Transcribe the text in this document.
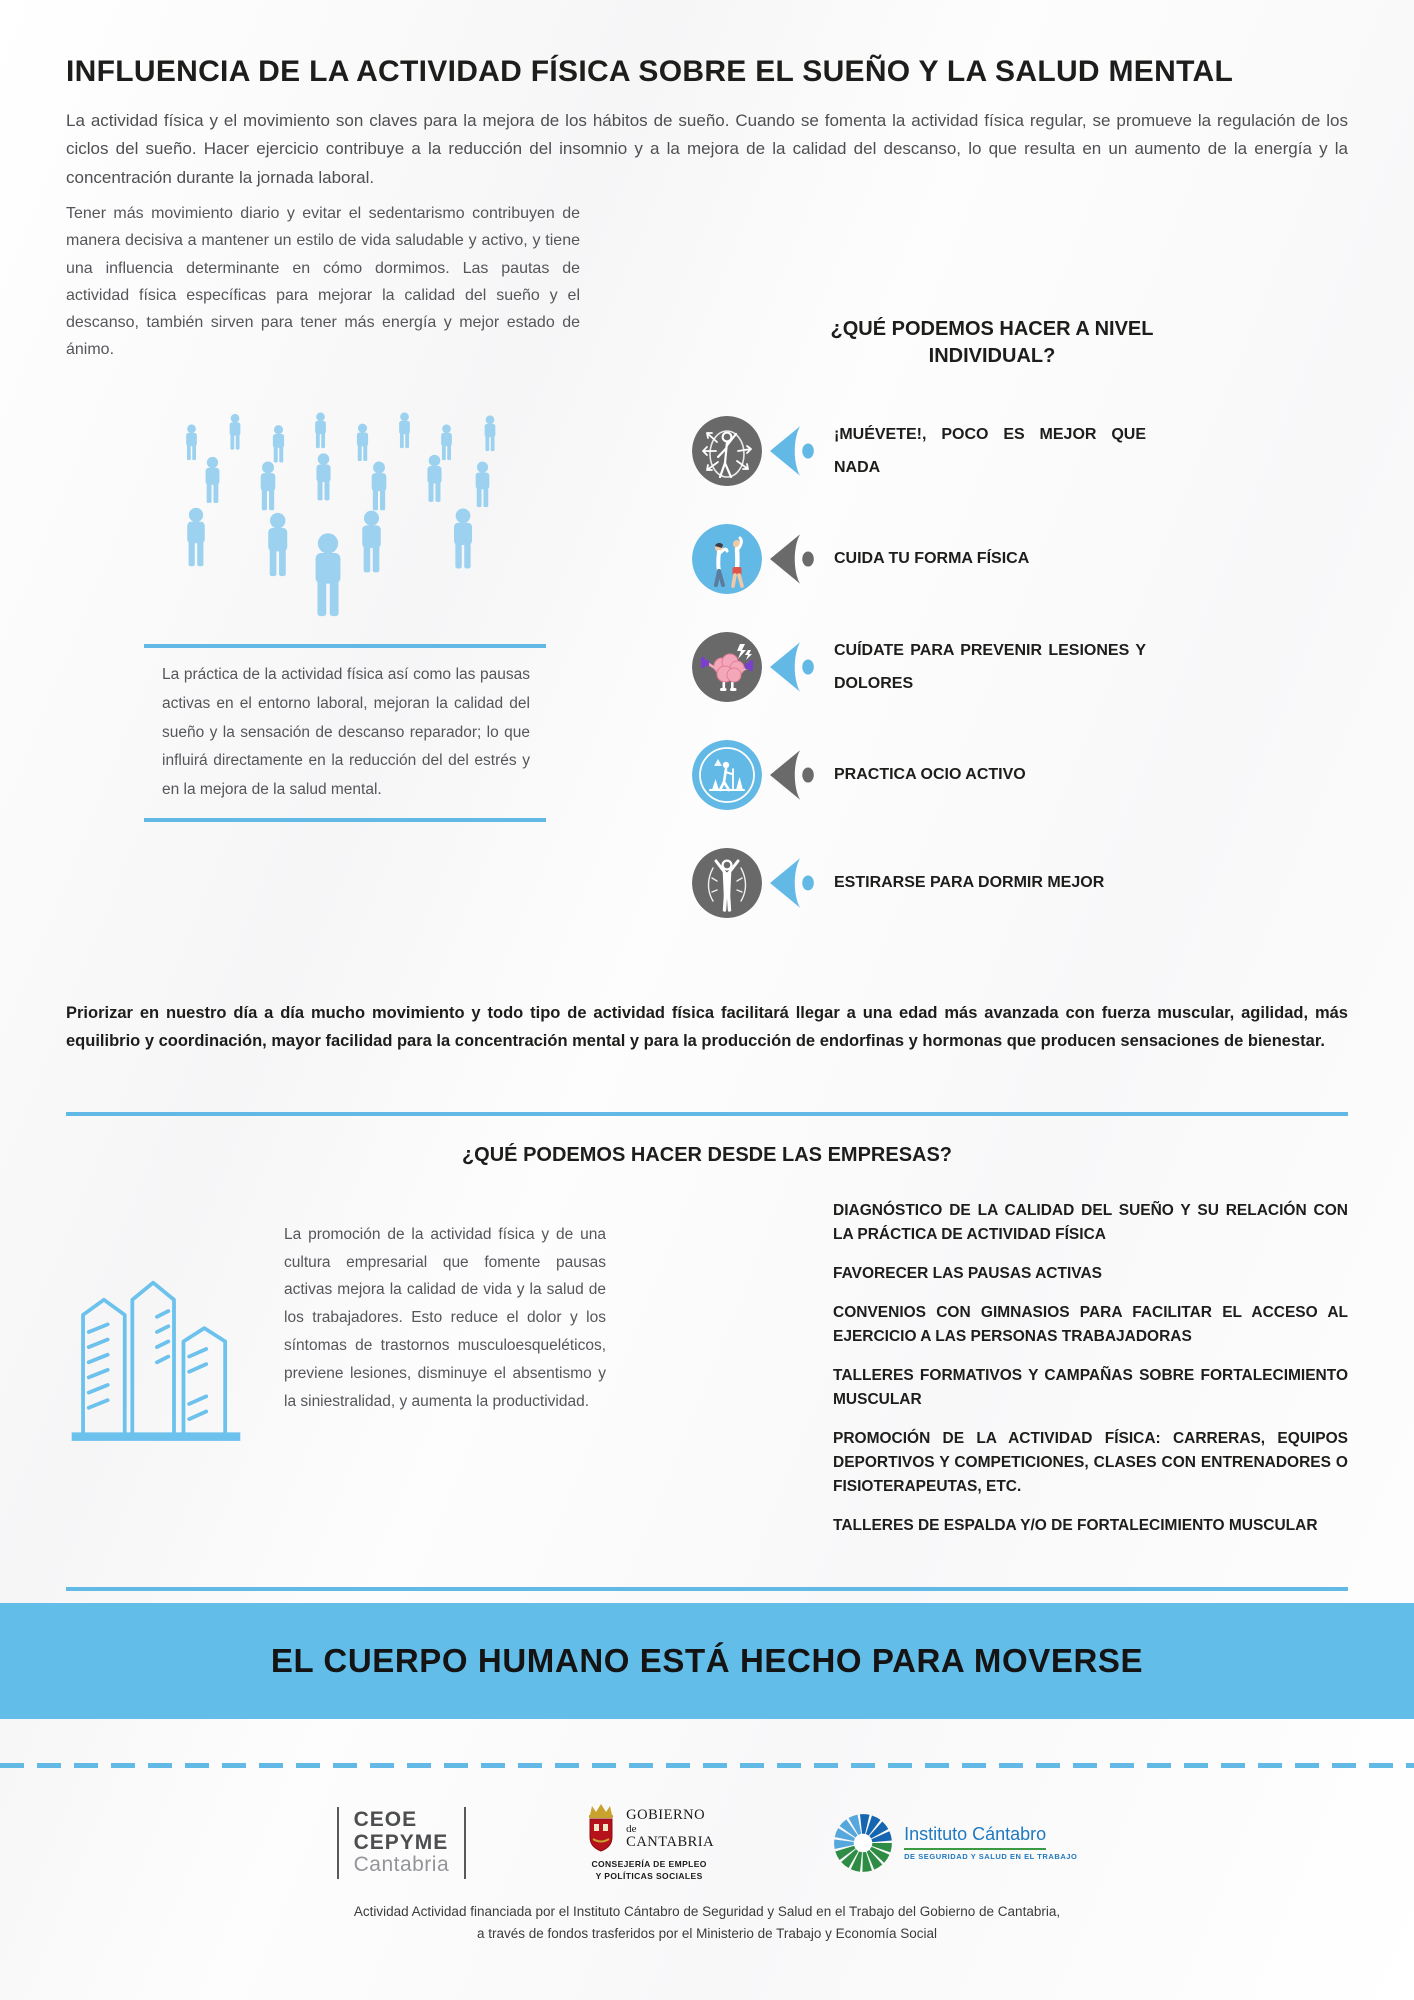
INFLUENCIA DE LA ACTIVIDAD FÍSICA SOBRE EL SUEÑO Y LA SALUD MENTAL

La actividad física y el movimiento son claves para la mejora de los hábitos de sueño. Cuando se fomenta la actividad física regular, se promueve la regulación de los ciclos del sueño. Hacer ejercicio contribuye a la reducción del insomnio y a la mejora de la calidad del descanso, lo que resulta en un aumento de la energía y la concentración durante la jornada laboral.

Tener más movimiento diario y evitar el sedentarismo contribuyen de manera decisiva a mantener un estilo de vida saludable y activo, y tiene una influencia determinante en cómo dormimos. Las pautas de actividad física específicas para mejorar la calidad del sueño y el descanso, también sirven para tener más energía y mejor estado de ánimo.

La práctica de la actividad física así como las pausas activas en el entorno laboral, mejoran la calidad del sueño y la sensación de descanso reparador; lo que influirá directamente en la reducción del del estrés y en la mejora de la salud mental.

¿QUÉ PODEMOS HACER A NIVEL INDIVIDUAL?

¡MUÉVETE!, POCO ES MEJOR QUE NADA

CUIDA TU FORMA FÍSICA

CUÍDATE PARA PREVENIR LESIONES Y DOLORES

PRACTICA OCIO ACTIVO

ESTIRARSE PARA DORMIR MEJOR

Priorizar en nuestro día a día mucho movimiento y todo tipo de actividad física facilitará llegar a una edad más avanzada con fuerza muscular, agilidad, más equilibrio y coordinación, mayor facilidad para la concentración mental y para la producción de endorfinas y hormonas que producen sensaciones de bienestar.

¿QUÉ PODEMOS HACER DESDE LAS EMPRESAS?

La promoción de la actividad física y de una cultura empresarial que fomente pausas activas mejora la calidad de vida y la salud de los trabajadores. Esto reduce el dolor y los síntomas de trastornos musculoesqueléticos, previene lesiones, disminuye el absentismo y la siniestralidad, y aumenta la productividad.

DIAGNÓSTICO DE LA CALIDAD DEL SUEÑO Y SU RELACIÓN CON LA PRÁCTICA DE ACTIVIDAD FÍSICA

FAVORECER LAS PAUSAS ACTIVAS

CONVENIOS CON GIMNASIOS PARA FACILITAR EL ACCESO AL EJERCICIO A LAS PERSONAS TRABAJADORAS

TALLERES FORMATIVOS Y CAMPAÑAS SOBRE FORTALECIMIENTO MUSCULAR

PROMOCIÓN DE LA ACTIVIDAD FÍSICA: CARRERAS, EQUIPOS DEPORTIVOS Y COMPETICIONES, CLASES CON ENTRENADORES O FISIOTERAPEUTAS, ETC.

TALLERES DE ESPALDA Y/O DE FORTALECIMIENTO MUSCULAR

EL CUERPO HUMANO ESTÁ HECHO PARA MOVERSE
CEOE
CEPYME
Cantabria
GOBIERNO
de
CANTABRIA
CONSEJERÍA DE EMPLEO
Y POLÍTICAS SOCIALES
Instituto Cántabro
DE SEGURIDAD Y SALUD EN EL TRABAJO

Actividad Actividad financiada por el Instituto Cántabro de Seguridad y Salud en el Trabajo del Gobierno de Cantabria,
a través de fondos trasferidos por el Ministerio de Trabajo y Economía Social
